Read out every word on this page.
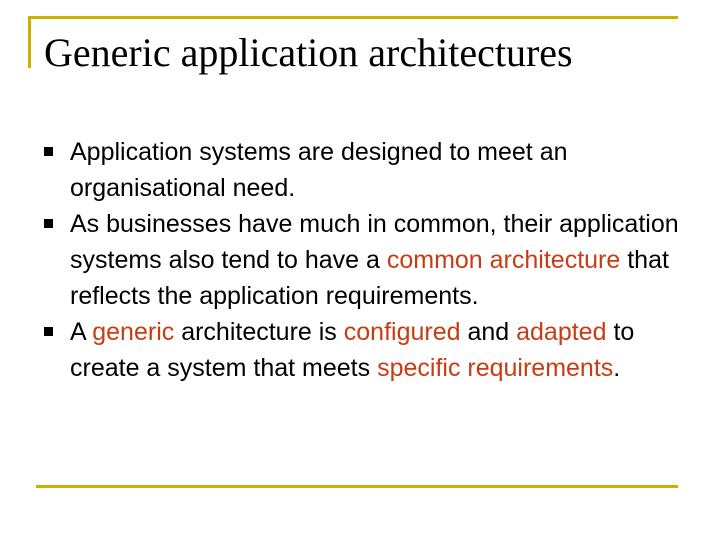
Generic application architectures
Application systems are designed to meet an organisational need.
As businesses have much in common, their application systems also tend to have a common architecture that reflects the application requirements.
A generic architecture is configured and adapted to create a system that meets specific requirements.
